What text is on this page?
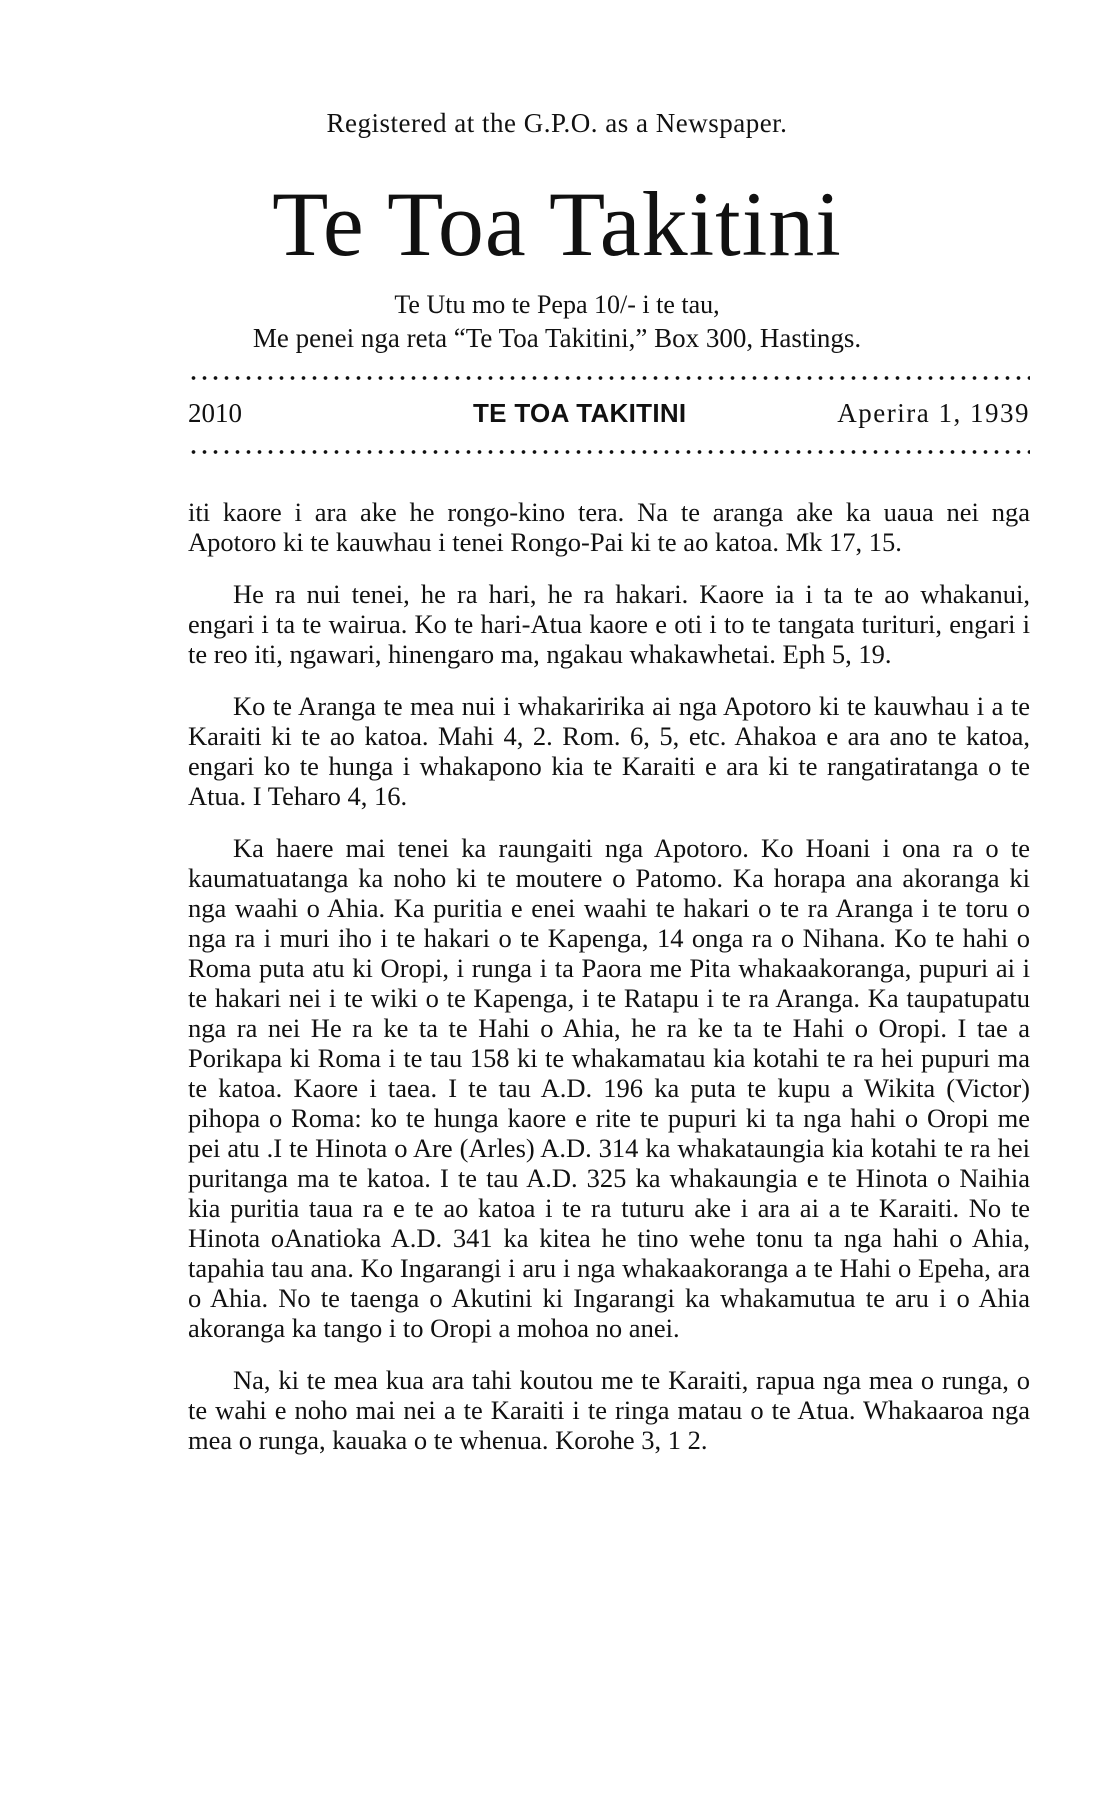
Registered at the G.P.O. as a Newspaper.
Te Toa Takitini
Te Utu mo te Pepa 10/- i te tau,
Me penei nga reta “Te Toa Takitini,” Box 300, Hastings.
2010	TE TOA TAKITINI	Aperira 1, 1939

iti kaore i ara ake he rongo-kino tera. Na te aranga ake ka uaua nei nga Apotoro ki te kauwhau i tenei Rongo-Pai ki te ao katoa. Mk 17, 15.

He ra nui tenei, he ra hari, he ra hakari. Kaore ia i ta te ao whakanui, engari i ta te wairua. Ko te hari-Atua kaore e oti i to te tangata turituri, engari i te reo iti, ngawari, hinengaro ma, ngakau whakawhetai. Eph 5, 19.

Ko te Aranga te mea nui i whakaririka ai nga Apotoro ki te kauwhau i a te Karaiti ki te ao katoa. Mahi 4, 2. Rom. 6, 5, etc. Ahakoa e ara ano te katoa, engari ko te hunga i whakapono kia te Karaiti e ara ki te rangatiratanga o te Atua. I Teharo 4, 16.

Ka haere mai tenei ka raungaiti nga Apotoro. Ko Hoani i ona ra o te kaumatuatanga ka noho ki te moutere o Patomo. Ka horapa ana akoranga ki nga waahi o Ahia. Ka puritia e enei waahi te hakari o te ra Aranga i te toru o nga ra i muri iho i te hakari o te Kapenga, 14 onga ra o Nihana. Ko te hahi o Roma puta atu ki Oropi, i runga i ta Paora me Pita whakaakoranga, pupuri ai i te hakari nei i te wiki o te Kapenga, i te Ratapu i te ra Aranga. Ka taupatupatu nga ra nei He ra ke ta te Hahi o Ahia, he ra ke ta te Hahi o Oropi. I tae a Porikapa ki Roma i te tau 158 ki te whakamatau kia kotahi te ra hei pupuri ma te katoa. Kaore i taea. I te tau A.D. 196 ka puta te kupu a Wikita (Victor) pihopa o Roma: ko te hunga kaore e rite te pupuri ki ta nga hahi o Oropi me pei atu .I te Hinota o Are (Arles) A.D. 314 ka whakataungia kia kotahi te ra hei puritanga ma te katoa. I te tau A.D. 325 ka whakaungia e te Hinota o Naihia kia puritia taua ra e te ao katoa i te ra tuturu ake i ara ai a te Karaiti. No te Hinota oAnatioka A.D. 341 ka kitea he tino wehe tonu ta nga hahi o Ahia, tapahia tau ana. Ko Ingarangi i aru i nga whakaakoranga a te Hahi o Epeha, ara o Ahia. No te taenga o Akutini ki Ingarangi ka whakamutua te aru i o Ahia akoranga ka tango i to Oropi a mohoa no anei.

Na, ki te mea kua ara tahi koutou me te Karaiti, rapua nga mea o runga, o te wahi e noho mai nei a te Karaiti i te ringa matau o te Atua. Whakaaroa nga mea o runga, kauaka o te whenua. Korohe 3, 1 2.
